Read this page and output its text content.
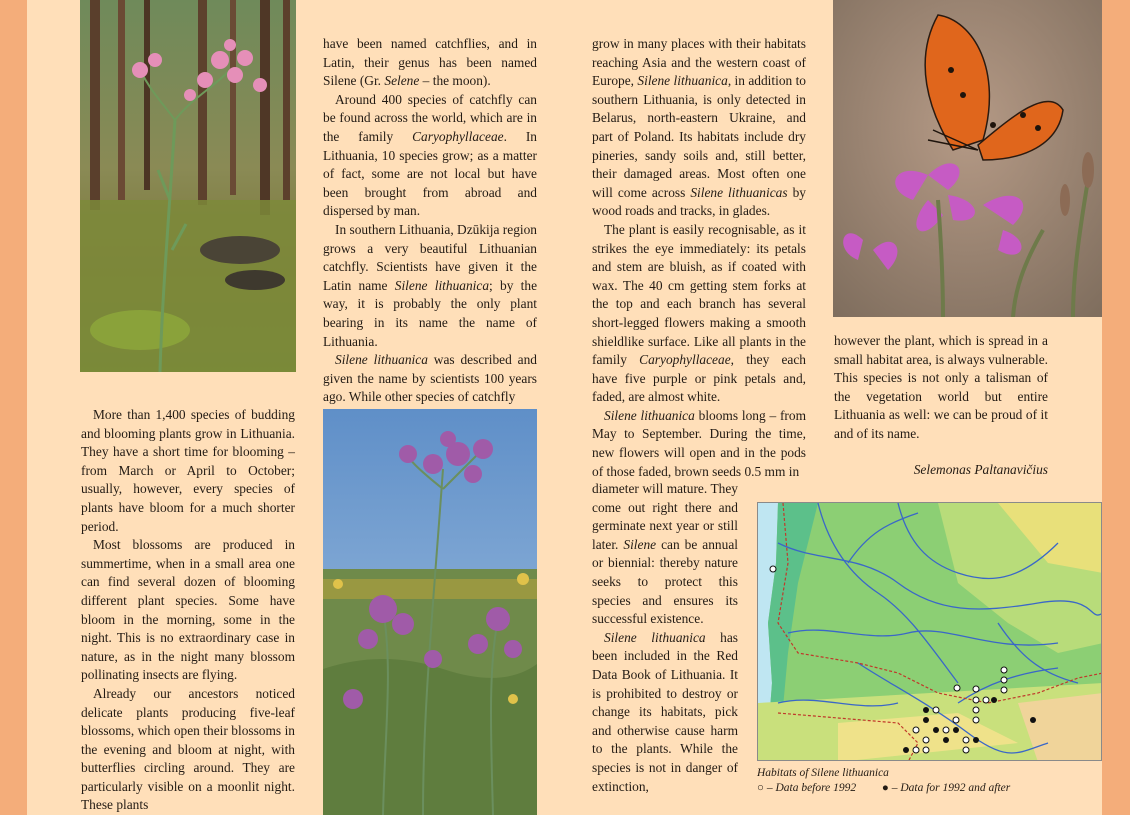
More than 1,400 species of budding and blooming plants grow in Lithuania. They have a short time for blooming – from March or April to October; usually, however, every species of plants have bloom for a much shorter period.

Most blossoms are produced in summertime, when in a small area one can find several dozen of blooming different plant species. Some have bloom in the morning, some in the night. This is no extraordinary case in nature, as in the night many blossom pollinating insects are flying.

Already our ancestors noticed delicate plants producing five-leaf blossoms, which open their blossoms in the evening and bloom at night, with butterflies circling around. They are particularly visible on a moonlit night. These plants

have been named catchflies, and in Latin, their genus has been named Silene (Gr. Selene – the moon).

Around 400 species of catchfly can be found across the world, which are in the family Caryophyllaceae. In Lithuania, 10 species grow; as a matter of fact, some are not local but have been brought from abroad and dispersed by man.

In southern Lithuania, Dzūkija region grows a very beautiful Lithuanian catchfly. Scientists have given it the Latin name Silene lithuanica; by the way, it is probably the only plant bearing in its name the name of Lithuania.

Silene lithuanica was described and given the name by scientists 100 years ago. While other species of catchfly

grow in many places with their habitats reaching Asia and the western coast of Europe, Silene lithuanica, in addition to southern Lithuania, is only detected in Belarus, north-eastern Ukraine, and part of Poland. Its habitats include dry pineries, sandy soils and, still better, their damaged areas. Most often one will come across Silene lithuanicas by wood roads and tracks, in glades.

The plant is easily recognisable, as it strikes the eye immediately: its petals and stem are bluish, as if coated with wax. The 40 cm getting stem forks at the top and each branch has several short-legged flowers making a smooth shieldlike surface. Like all plants in the family Caryophyllaceae, they each have five purple or pink petals and, faded, are almost white.

Silene lithuanica blooms long – from May to September. During the time, new flowers will open and in the pods of those faded, brown seeds 0.5 mm in

diameter will mature. They come out right there and germinate next year or still later. Silene can be annual or biennial: thereby nature seeks to protect this species and ensures its successful existence.

Silene lithuanica has been included in the Red Data Book of Lithuania. It is prohibited to destroy or change its habitats, pick and otherwise cause harm to the plants. While the species is not in danger of extinction,

however the plant, which is spread in a small habitat area, is always vulnerable. This species is not only a talisman of the vegetation world but entire Lithuania as well: we can be proud of it and of its name.

Selemonas Paltanavičius
Habitats of Silene lithuanica
○ – Data before 1992 ● – Data for 1992 and after
